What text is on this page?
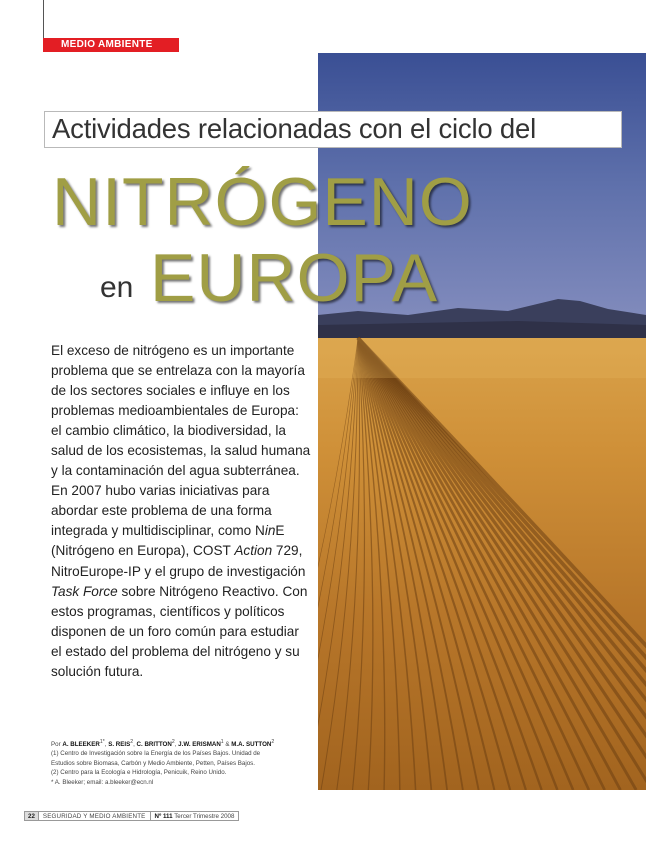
MEDIO AMBIENTE
Actividades relacionadas con el ciclo del
NITRÓGENO
en EUROPA

El exceso de nitrógeno es un importante problema que se entrelaza con la mayoría de los sectores sociales e influye en los problemas medioambientales de Europa: el cambio climático, la biodiversidad, la salud de los ecosistemas, la salud humana y la contaminación del agua subterránea. En 2007 hubo varias iniciativas para abordar este problema de una forma integrada y multidisciplinar, como NinE (Nitrógeno en Europa), COST Action 729, NitroEurope-IP y el grupo de investigación Task Force sobre Nitrógeno Reactivo. Con estos programas, científicos y políticos disponen de un foro común para estudiar el estado del problema del nitrógeno y su solución futura.

Por A. $BLEEKER^{1*}$, S. REIS$^2$, C. BRITTON$^2$, J.W. ERISMAN$^1$ & M.A. SUTTON$^2$

(1) Centro de Investigación sobre la Energía de los Países Bajos. Unidad de

Estudios sobre Biomasa, Carbón y Medio Ambiente, Petten, Países Bajos.

(2) Centro para la Ecología e Hidrología, Penicuik, Reino Unido.

* A. Bleeker; email: a.bleeker@ecn.nl

22	SEGURIDAD Y MEDIO AMBIENTE	Nº 111 Tercer Trimestre 2008
